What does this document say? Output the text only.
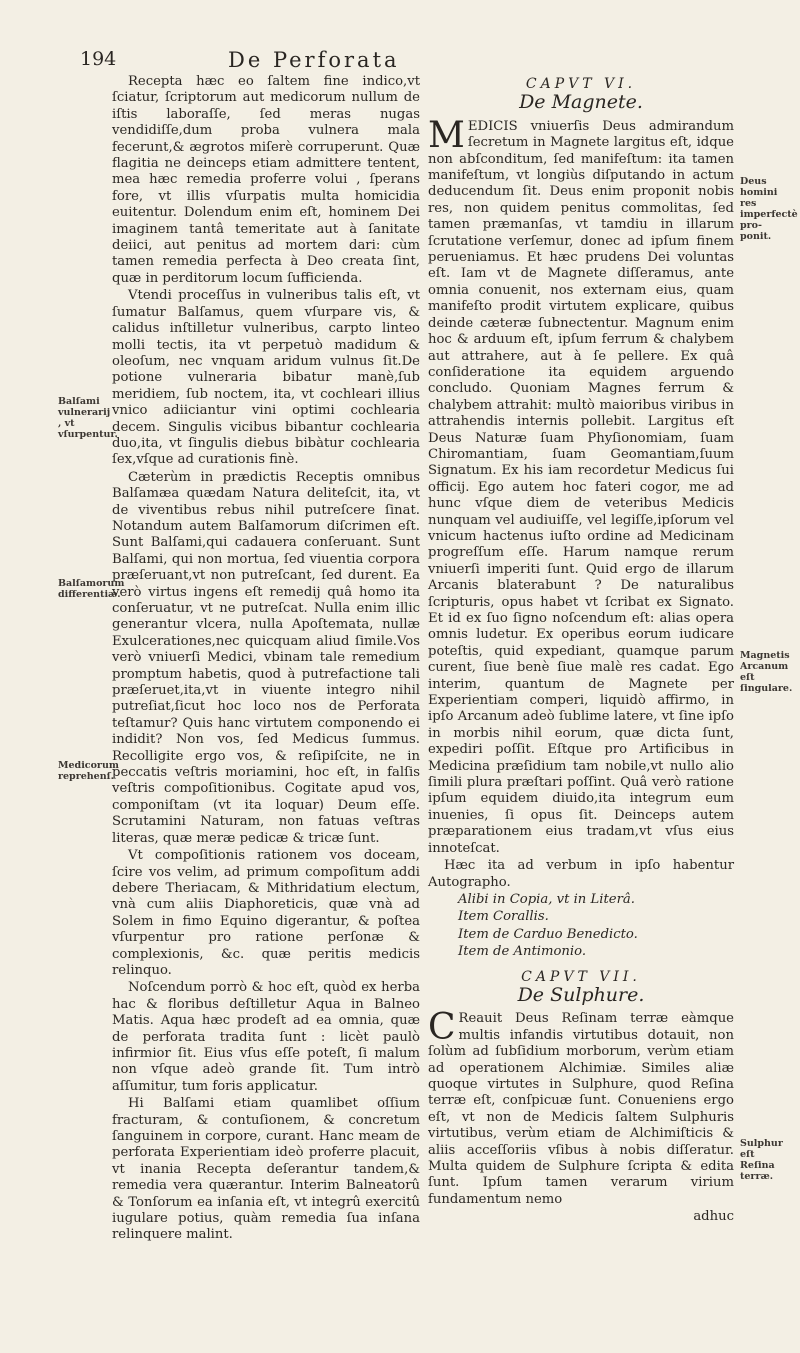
194	De Perforata
Balſami vulnerarij , vt vſurpentur.
Balſamorum differentiæ.
Medicorum reprehenſ.
Deus homini res imperfectè proponit.
Magnetis Arcanum eſt ſingulare.
Sulphur eſt Reſina terræ.

Recepta hæc eo ſaltem fine indico,vt ſciatur, ſcriptorum aut medicorum nullum de iſtis laboraſſe, ſed meras nugas vendidiſſe,dum proba vulnera mala fecerunt,& ægrotos miſerè corruperunt. Quæ flagitia ne deinceps etiam admittere tentent, mea hæc remedia proferre volui , ſperans fore, vt illis vſurpatis multa homicidia euitentur. Dolendum enim eſt, hominem Dei imaginem tantâ temeritate aut à ſanitate deiici, aut penitus ad mortem dari: cùm tamen remedia perfecta à Deo creata ſint, quæ in perditorum locum ſufficienda.

Vtendi proceſſus in vulneribus talis eſt, vt ſumatur Balſamus, quem vſurpare vis, & calidus inſtilletur vulneribus, carpto linteo molli tectis, ita vt perpetuò madidum & oleoſum, nec vnquam aridum vulnus ſit.De potione vulneraria bibatur manè,ſub meridiem, ſub noctem, ita, vt cochleari illius vnico adiiciantur vini optimi cochlearia decem. Singulis vicibus bibantur cochlearia duo,ita, vt ſingulis diebus bibàtur cochlearia ſex,vſque ad curationis finè.

Cæterùm in prædictis Receptis omnibus Balſamæa quædam Natura deliteſcit, ita, vt de viventibus rebus nihil putreſcere ſinat. Notandum autem Balſamorum diſcrimen eſt. Sunt Balſami,qui cadauera conſeruant. Sunt Balſami, qui non mortua, ſed viuentia corpora præſeruant,vt non putreſcant, ſed durent. Ea verò virtus ingens eſt remedij quâ homo ita conſeruatur, vt ne putreſcat. Nulla enim illic generantur vlcera, nulla Apoſtemata, nullæ Exulcerationes,nec quicquam aliud ſimile.Vos verò vniuerſi Medici, vbinam tale remedium promptum habetis, quod à putrefactione tali præſeruet,ita,vt in viuente integro nihil putreſiat,ſicut hoc loco nos de Perforata teſtamur? Quis hanc virtutem componendo ei indidit? Non vos, ſed Medicus ſummus. Recolligite ergo vos, & reſipiſcite, ne in peccatis veſtris moriamini, hoc eſt, in falſis veſtris compoſitionibus. Cogitate apud vos, componiſtam (vt ita loquar) Deum eſſe. Scrutamini Naturam, non fatuas veſtras literas, quæ meræ pedicæ & tricæ ſunt.

Vt compoſitionis rationem vos doceam, ſcire vos velim, ad primum compoſitum addi debere Theriacam, & Mithridatium electum, vnà cum aliis Diaphoreticis, quæ vnà ad Solem in fimo Equino digerantur, & poſtea vſurpentur pro ratione perſonæ & complexionis, &c. quæ peritis medicis relinquo.

Noſcendum porrò & hoc eſt, quòd ex herba hac & floribus deſtilletur Aqua in Balneo Matis. Aqua hæc prodeſt ad ea omnia, quæ de perforata tradita ſunt : licèt paulò infirmior ſit. Eius vſus eſſe poteſt, ſi malum non vſque adeò grande ſit. Tum intrò aſſumitur, tum foris applicatur.

Hi Balſami etiam quamlibet oſſium fracturam, & contuſionem, & concretum ſanguinem in corpore, curant. Hanc meam de perforata Experientiam ideò proferre placuit, vt inania Recepta deſerantur tandem,& remedia vera quærantur. Interim Balneatorû & Tonſorum ea inſania eſt, vt integrû exercitû iugulare potius, quàm remedia ſua inſana relinquere malint.

CAPVT VI.
De Magnete.

MEDICIS vniuerſis Deus admirandum ſecretum in Magnete largitus eſt, idque non abſconditum, ſed manifeſtum: ita tamen manifeſtum, vt longiùs diſputando in actum deducendum ſit. Deus enim proponit nobis res, non quidem penitus commolitas, ſed tamen præmanſas, vt tamdiu in illarum ſcrutatione verſemur, donec ad ipſum finem perueniamus. Et hæc prudens Dei voluntas eſt. Iam vt de Magnete diſſeramus, ante omnia conuenit, nos externam eius, quam manifeſto prodit virtutem explicare, quibus deinde cæteræ ſubnectentur. Magnum enim hoc & arduum eſt, ipſum ferrum & chalybem aut attrahere, aut à ſe pellere. Ex quâ conſideratione ita equidem arguendo concludo. Quoniam Magnes ferrum & chalybem attrahit: multò maioribus viribus in attrahendis internis pollebit. Largitus eſt Deus Naturæ ſuam Phyſionomiam, ſuam Chiromantiam, ſuam Geomantiam,ſuum Signatum. Ex his iam recordetur Medicus ſui officij. Ego autem hoc fateri cogor, me ad hunc vſque diem de veteribus Medicis nunquam vel audiuiſſe, vel legiſſe,ipſorum vel vnicum hactenus iuſto ordine ad Medicinam progreſſum eſſe. Harum namque rerum vniuerſi imperiti ſunt. Quid ergo de illarum Arcanis blaterabunt ? De naturalibus ſcripturis, opus habet vt ſcribat ex Signato. Et id ex ſuo ſigno noſcendum eſt: alias opera omnis ludetur. Ex operibus eorum iudicare poteſtis, quid expediant, quamque parum curent, ſiue benè ſiue malè res cadat. Ego interim, quantum de Magnete per Experientiam comperi, liquidò affirmo, in ipſo Arcanum adeò ſublime latere, vt ſine ipſo in morbis nihil eorum, quæ dicta ſunt, expediri poſſit. Eſtque pro Artificibus in Medicina præſidium tam nobile,vt nullo alio ſimili plura præſtari poſſint. Quâ verò ratione ipſum equidem diuido,ita integrum eum inuenies, ſi opus ſit. Deinceps autem præparationem eius tradam,vt vſus eius innoteſcat.

Hæc ita ad verbum in ipſo habentur Autographo.

Alibi in Copia, vt in Literâ.

Item Corallis.

Item de Carduo Benedicto.

Item de Antimonio.

CAPVT VII.
De Sulphure.

C Reauit Deus Reſinam terræ eàmque multis infandis virtutibus dotauit, non ſolùm ad ſubſidium morborum, verùm etiam ad operationem Alchimiæ. Similes aliæ quoque virtutes in Sulphure, quod Reſina terræ eſt, conſpicuæ ſunt. Conueniens ergo eſt, vt non de Medicis ſaltem Sulphuris virtutibus, verùm etiam de Alchimiſticis & aliis acceſſoriis vſibus à nobis diſſeratur. Multa quidem de Sulphure ſcripta & edita ſunt. Ipſum tamen verarum virium fundamentum nemo

adhuc
